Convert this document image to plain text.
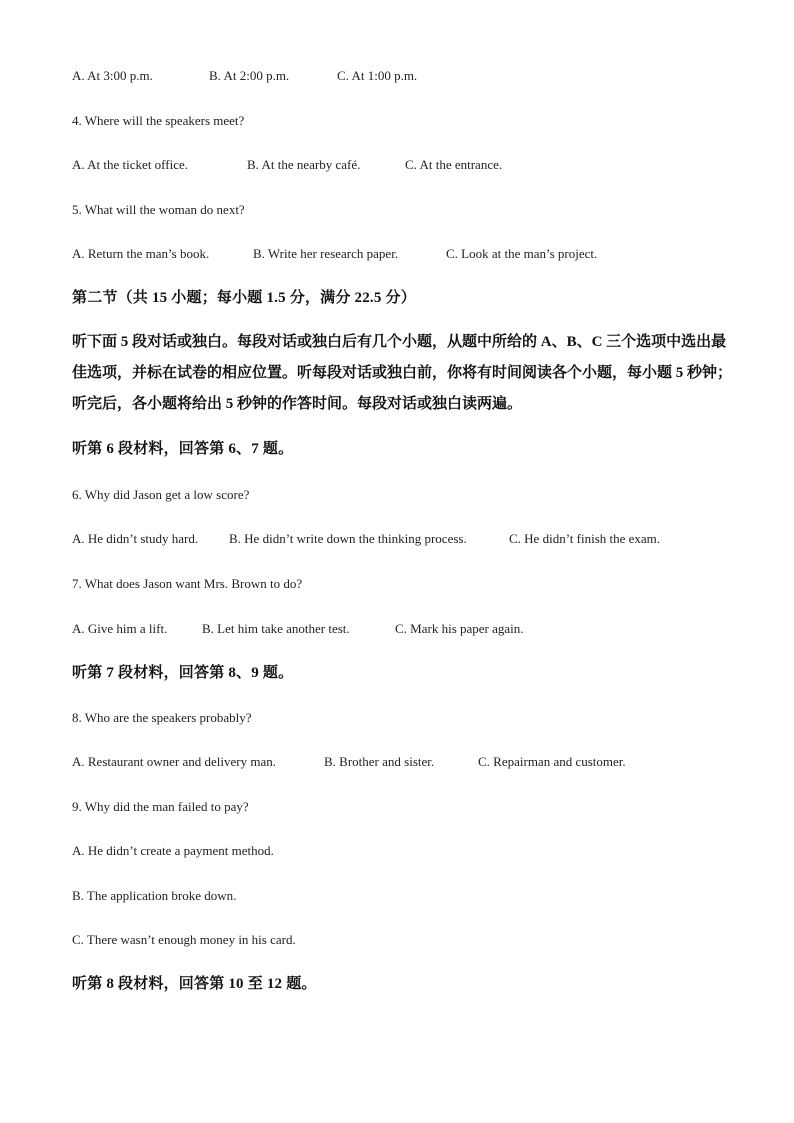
A. At 3:00 p.m.	B. At 2:00 p.m.	C. At 1:00 p.m.
4. Where will the speakers meet?
A. At the ticket office.	B. At the nearby café.	C. At the entrance.
5. What will the woman do next?
A. Return the man’s book.	B. Write her research paper.	C. Look at the man’s project.
第二节（共 15 小题；每小题 1.5 分，满分 22.5 分）
听下面 5 段对话或独白。每段对话或独白后有几个小题，从题中所给的 A、B、C 三个选项中选出最佳选项，并标在试卷的相应位置。听每段对话或独白前，你将有时间阅读各个小题，每小题 5 秒钟；听完后，各小题将给出 5 秒钟的作答时间。每段对话或独白读两遍。
听第 6 段材料，回答第 6、7 题。
6. Why did Jason get a low score?
A. He didn’t study hard. B. He didn’t write down the thinking process.	C. He didn’t finish the exam.
7. What does Jason want Mrs. Brown to do?
A. Give him a lift.	B. Let him take another test.	C. Mark his paper again.
听第 7 段材料，回答第 8、9 题。
8. Who are the speakers probably?
A. Restaurant owner and delivery man.	B. Brother and sister.	C. Repairman and customer.
9. Why did the man failed to pay?
A. He didn’t create a payment method.
B. The application broke down.
C. There wasn’t enough money in his card.
听第 8 段材料，回答第 10 至 12 题。
